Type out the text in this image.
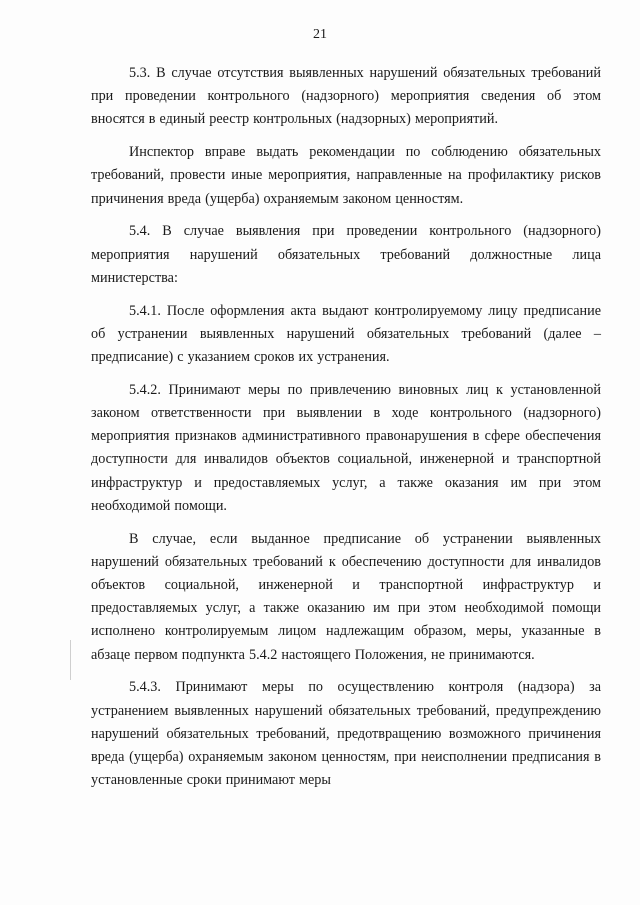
21

5.3. В случае отсутствия выявленных нарушений обязательных требований при проведении контрольного (надзорного) мероприятия сведения об этом вносятся в единый реестр контрольных (надзорных) мероприятий.

Инспектор вправе выдать рекомендации по соблюдению обязательных требований, провести иные мероприятия, направленные на профилактику рисков причинения вреда (ущерба) охраняемым законом ценностям.

5.4. В случае выявления при проведении контрольного (надзорного) мероприятия нарушений обязательных требований должностные лица министерства:

5.4.1. После оформления акта выдают контролируемому лицу предписание об устранении выявленных нарушений обязательных требований (далее – предписание) с указанием сроков их устранения.

5.4.2. Принимают меры по привлечению виновных лиц к установленной законом ответственности при выявлении в ходе контрольного (надзорного) мероприятия признаков административного правонарушения в сфере обеспечения доступности для инвалидов объектов социальной, инженерной и транспортной инфраструктур и предоставляемых услуг, а также оказания им при этом необходимой помощи.

В случае, если выданное предписание об устранении выявленных нарушений обязательных требований к обеспечению доступности для инвалидов объектов социальной, инженерной и транспортной инфраструктур и предоставляемых услуг, а также оказанию им при этом необходимой помощи исполнено контролируемым лицом надлежащим образом, меры, указанные в абзаце первом подпункта 5.4.2 настоящего Положения, не принимаются.

5.4.3. Принимают меры по осуществлению контроля (надзора) за устранением выявленных нарушений обязательных требований, предупреждению нарушений обязательных требований, предотвращению возможного причинения вреда (ущерба) охраняемым законом ценностям, при неисполнении предписания в установленные сроки принимают меры
